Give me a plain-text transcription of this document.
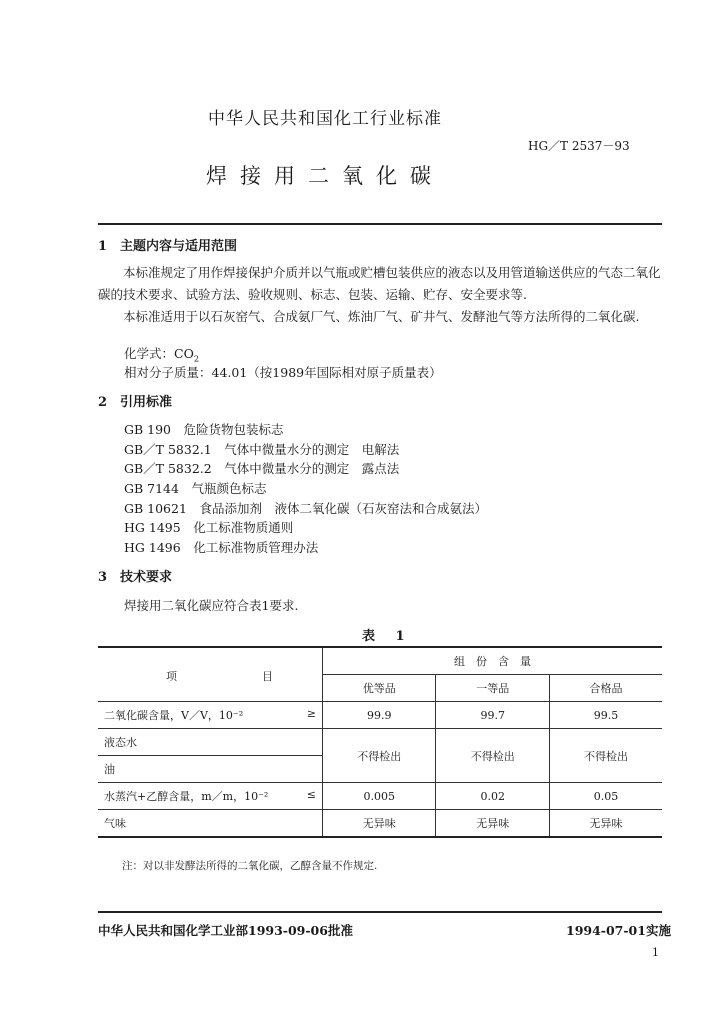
中华人民共和国化工行业标准
HG／T 2537－93
焊接用二氧化碳
1　主题内容与适用范围
本标准规定了用作焊接保护介质并以气瓶或贮槽包装供应的液态以及用管道输送供应的气态二氧化碳的技术要求、试验方法、验收规则、标志、包装、运输、贮存、安全要求等.
本标准适用于以石灰窑气、合成氨厂气、炼油厂气、矿井气、发酵池气等方法所得的二氧化碳.
化学式：$CO_2$
相对分子质量：44.01（按1989年国际相对原子质量表）
2　引用标准
GB 190　 危险货物包装标志
GB／T 5832.1　 气体中微量水分的测定　电解法
GB／T 5832.2　 气体中微量水分的测定　露点法
GB 7144　 气瓶颜色标志
GB 10621　 食品添加剂　液体二氧化碳（石灰窑法和合成氨法）
HG 1495　 化工标准物质通则
HG 1496　 化工标准物质管理办法
3　技术要求
焊接用二氧化碳应符合表1要求.
表 1
项 目	组　份　含　量		
	优等品	一等品	合格品
二氧化碳含量，V／V，10⁻² ≥	99.9	99.7	99.5
液态水	不得检出	不得检出	不得检出
油			
水蒸汽+乙醇含量，m／m，10⁻² ≤	0.005	0.02	0.05
气味	无异味	无异味	无异味
注：对以非发酵法所得的二氧化碳，乙醇含量不作规定.
中华人民共和国化学工业部1993-09-06批准	1994-07-01实施
1
